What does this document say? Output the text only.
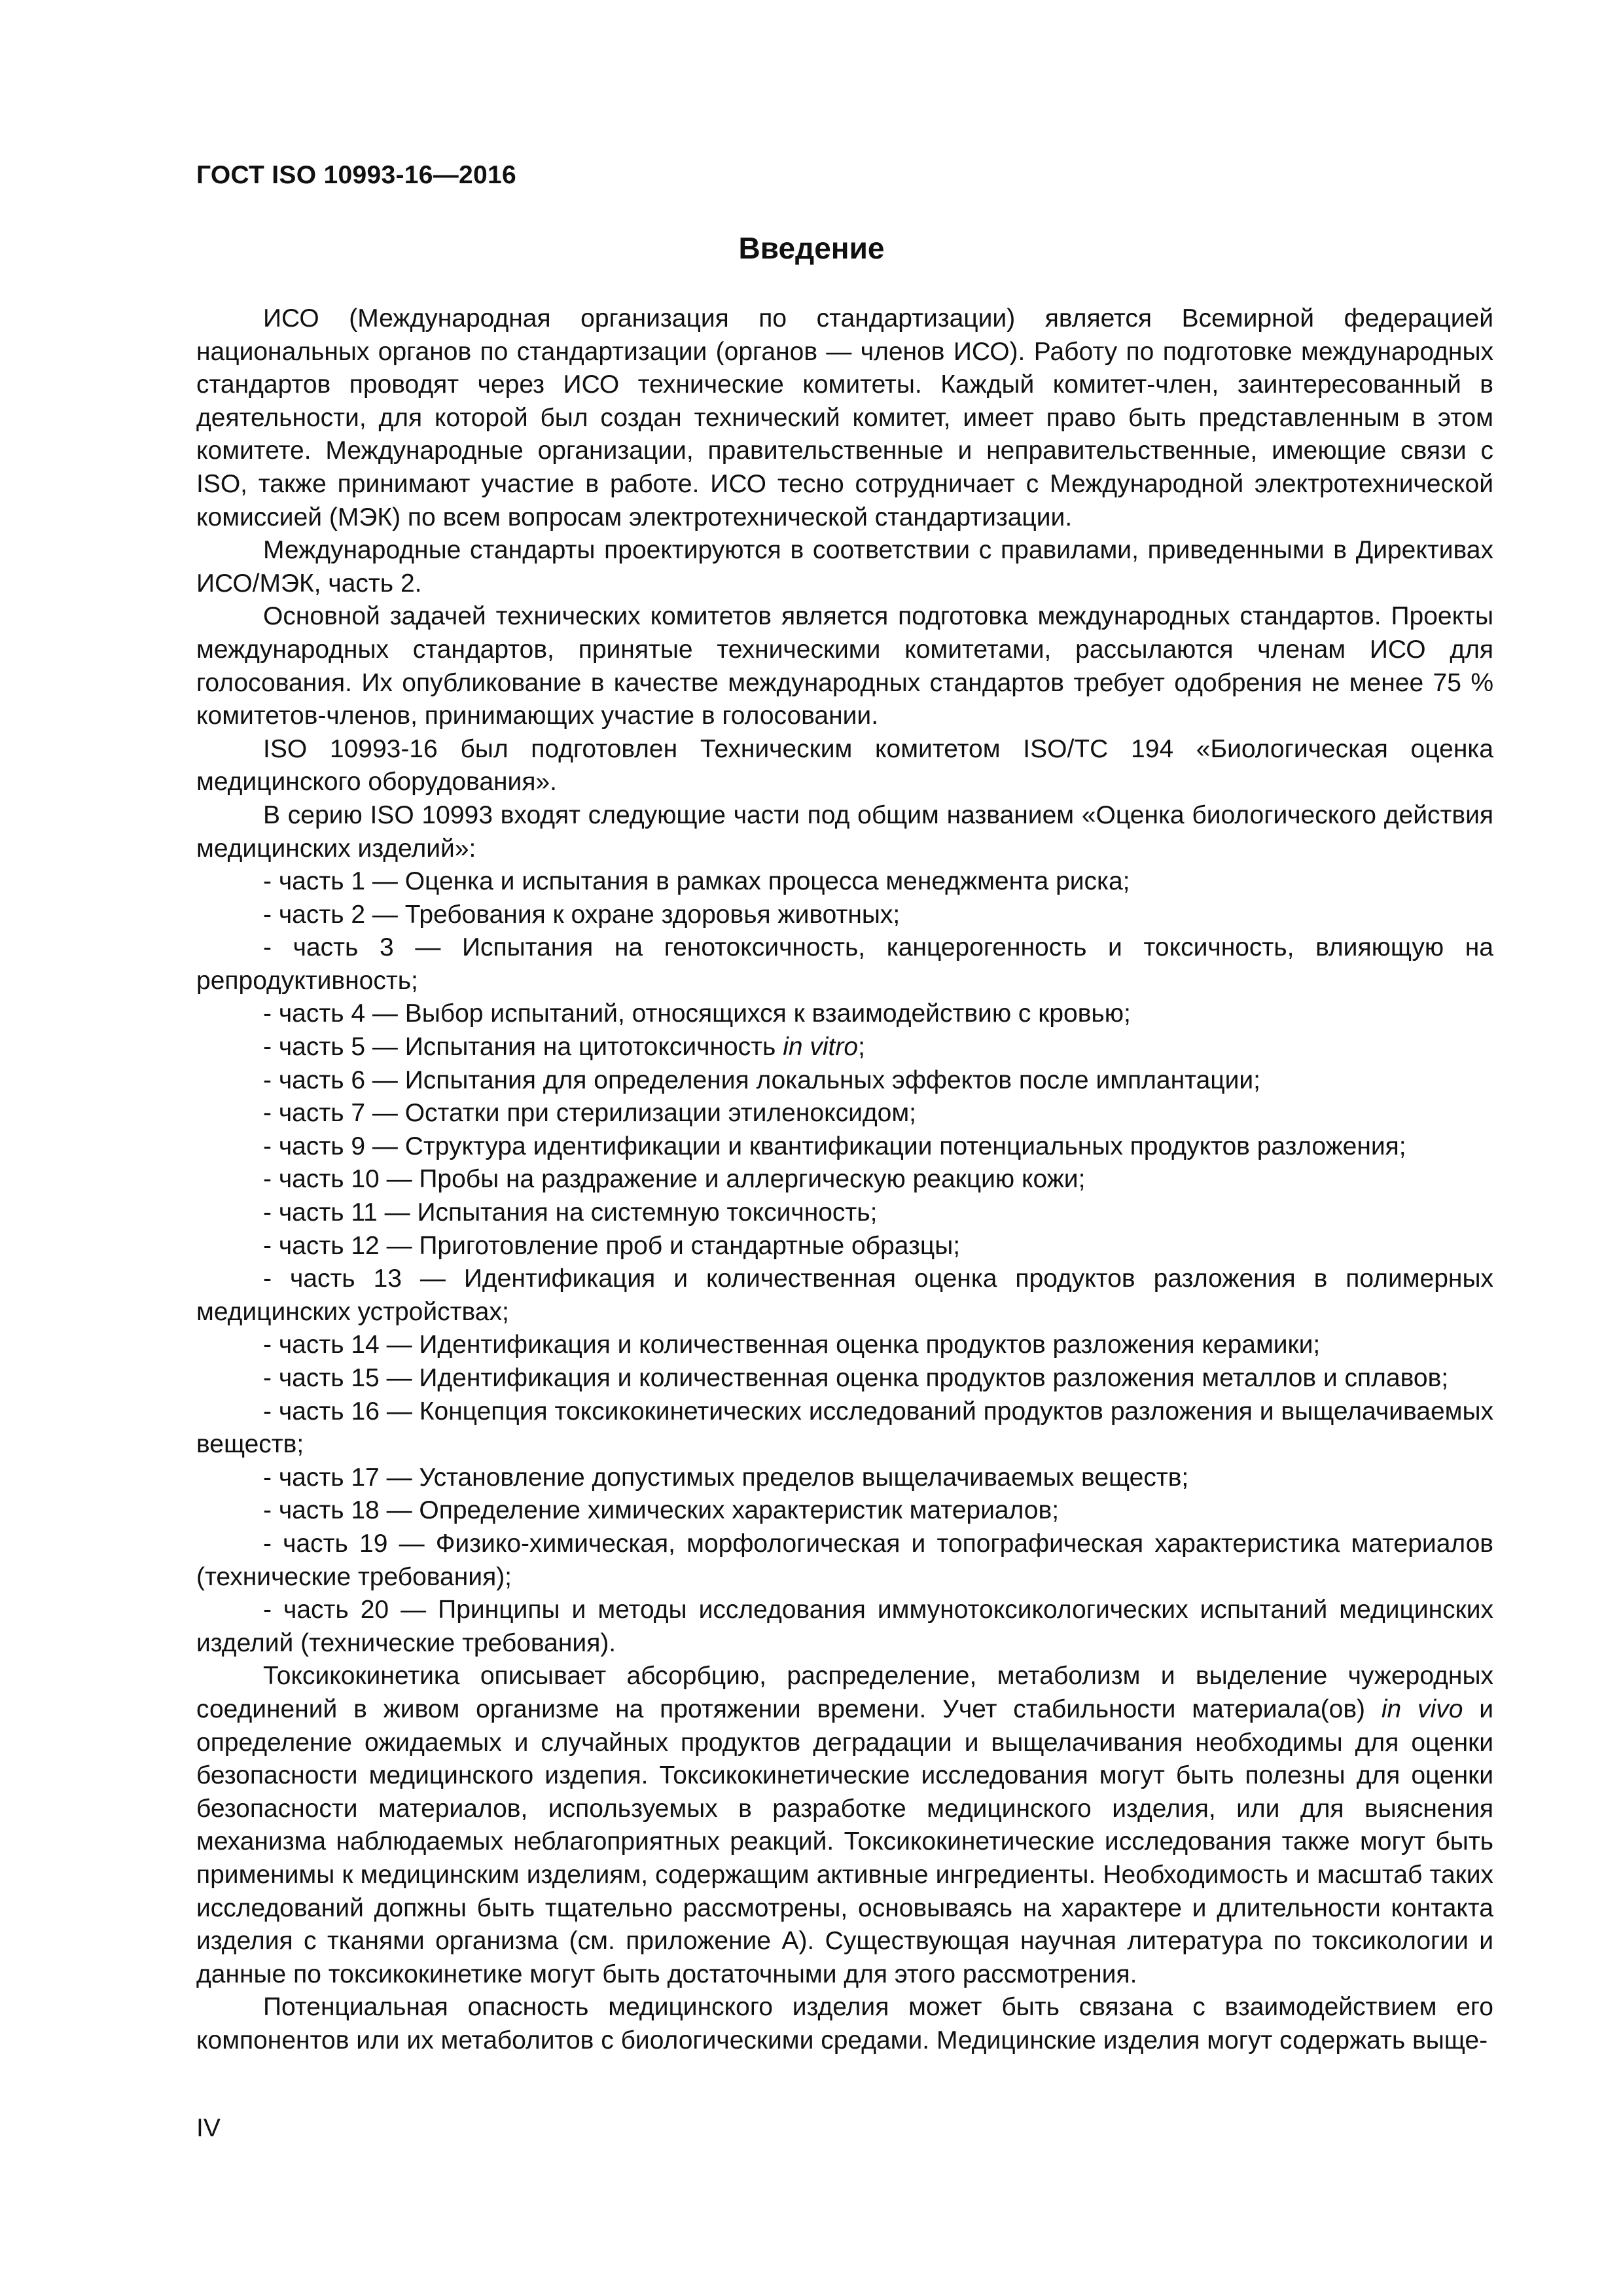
ГОСТ ISO 10993-16—2016
Введение

ИСО (Международная организация по стандартизации) является Всемирной федерацией национальных органов по стандартизации (органов — членов ИСО). Работу по подготовке международных стандартов проводят через ИСО технические комитеты. Каждый комитет-член, заинтересованный в деятельности, для которой был создан технический комитет, имеет право быть представленным в этом комитете. Международные организации, правительственные и неправительственные, имеющие связи с ISO, также принимают участие в работе. ИСО тесно сотрудничает с Международной электротехнической комиссией (МЭК) по всем вопросам электротехнической стандартизации.

Международные стандарты проектируются в соответствии с правилами, приведенными в Директивах ИСО/МЭК, часть 2.

Основной задачей технических комитетов является подготовка международных стандартов. Проекты международных стандартов, принятые техническими комитетами, рассылаются членам ИСО для голосования. Их опубликование в качестве международных стандартов требует одобрения не менее 75 % комитетов-членов, принимающих участие в голосовании.

ISO 10993-16 был подготовлен Техническим комитетом ISO/TC 194 «Биологическая оценка медицинского оборудования».

В серию ISO 10993 входят следующие части под общим названием «Оценка биологического действия медицинских изделий»:

- часть 1 — Оценка и испытания в рамках процесса менеджмента риска;

- часть 2 — Требования к охране здоровья животных;

- часть 3 — Испытания на генотоксичность, канцерогенность и токсичность, влияющую на репродуктивность;

- часть 4 — Выбор испытаний, относящихся к взаимодействию с кровью;

- часть 5 — Испытания на цитотоксичность in vitro;

- часть 6 — Испытания для определения локальных эффектов после имплантации;

- часть 7 — Остатки при стерилизации этиленоксидом;

- часть 9 — Структура идентификации и квантификации потенциальных продуктов разложения;

- часть 10 — Пробы на раздражение и аллергическую реакцию кожи;

- часть 11 — Испытания на системную токсичность;

- часть 12 — Приготовление проб и стандартные образцы;

- часть 13 — Идентификация и количественная оценка продуктов разложения в полимерных медицинских устройствах;

- часть 14 — Идентификация и количественная оценка продуктов разложения керамики;

- часть 15 — Идентификация и количественная оценка продуктов разложения металлов и сплавов;

- часть 16 — Концепция токсикокинетических исследований продуктов разложения и выщелачиваемых веществ;

- часть 17 — Установление допустимых пределов выщелачиваемых веществ;

- часть 18 — Определение химических характеристик материалов;

- часть 19 — Физико-химическая, морфологическая и топографическая характеристика материалов (технические требования);

- часть 20 — Принципы и методы исследования иммунотоксикологических испытаний медицинских изделий (технические требования).

Токсикокинетика описывает абсорбцию, распределение, метаболизм и выделение чужеродных соединений в живом организме на протяжении времени. Учет стабильности материала(ов) in vivo и определение ожидаемых и случайных продуктов деградации и выщелачивания необходимы для оценки безопасности медицинского издепия. Токсикокинетические исследования могут быть полезны для оценки безопасности материалов, используемых в разработке медицинского изделия, или для выяснения механизма наблюдаемых неблагоприятных реакций. Токсикокинетические исследования также могут быть применимы к медицинским изделиям, содержащим активные ингредиенты. Необходимость и масштаб таких исследований допжны быть тщательно рассмотрены, основываясь на характере и длительности контакта изделия с тканями организма (см. приложение А). Существующая научная литература по токсикологии и данные по токсикокинетике могут быть достаточными для этого рассмотрения.

Потенциальная опасность медицинского изделия может быть связана с взаимодействием его компонентов или их метаболитов с биологическими средами. Медицинские изделия могут содержать выще-

IV
